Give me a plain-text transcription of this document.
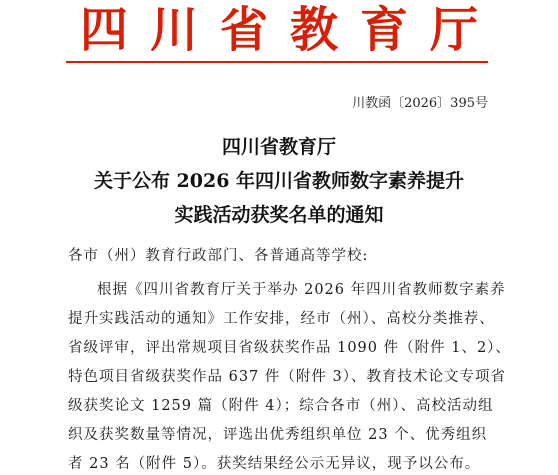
四川省教育厅
川教函〔2026〕395号
四川省教育厅
关于公布 2026 年四川省教师数字素养提升
实践活动获奖名单的通知
各市（州）教育行政部门、各普通高等学校:
根据《四川省教育厅关于举办 2026 年四川省教师数字素养
提升实践活动的通知》工作安排，经市（州）、高校分类推荐、
省级评审，评出常规项目省级获奖作品 1090 件（附件 1、2）、
特色项目省级获奖作品 637 件（附件 3）、教育技术论文专项省
级获奖论文 1259 篇（附件 4）；综合各市（州）、高校活动组
织及获奖数量等情况，评选出优秀组织单位 23 个、优秀组织
者 23 名（附件 5）。获奖结果经公示无异议，现予以公布。
